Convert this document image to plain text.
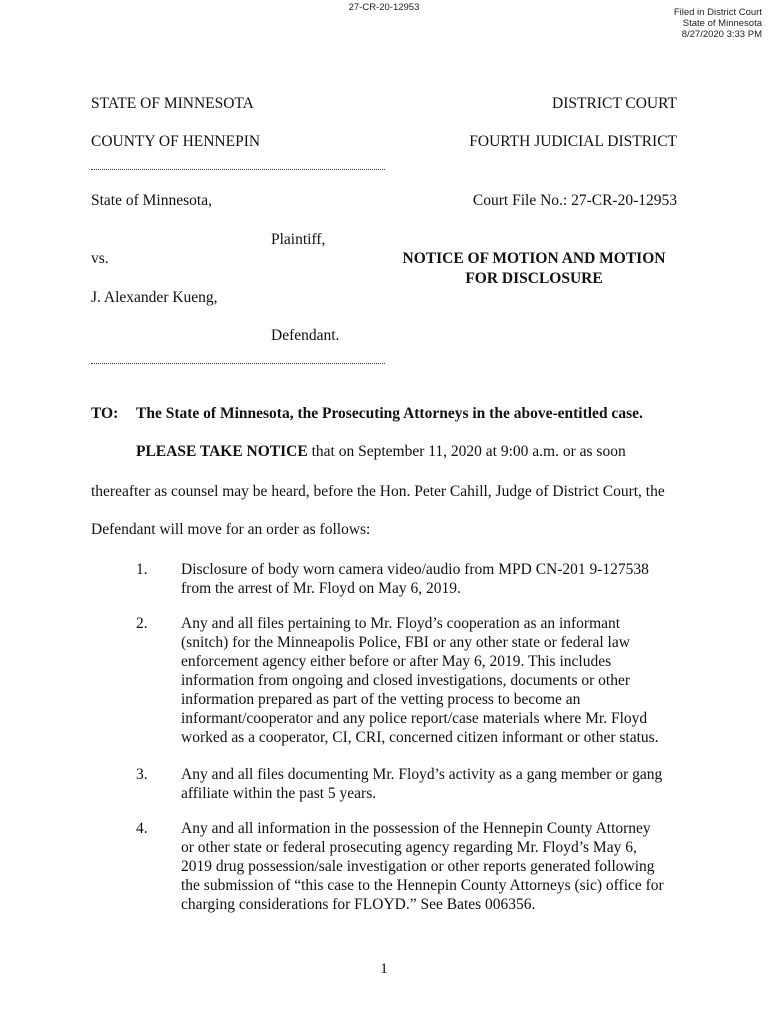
27-CR-20-12953	Filed in District Court
State of Minnesota
8/27/2020 3:33 PM
STATE OF MINNESOTA	DISTRICT COURT
COUNTY OF HENNEPIN	FOURTH JUDICIAL DISTRICT
State of Minnesota,	Court File No.: 27-CR-20-12953
Plaintiff,
vs.	NOTICE OF MOTION AND MOTION
FOR DISCLOSURE
J. Alexander Kueng,
Defendant.
TO: The State of Minnesota, the Prosecuting Attorneys in the above-entitled case.
PLEASE TAKE NOTICE that on September 11, 2020 at 9:00 a.m. or as soon
thereafter as counsel may be heard, before the Hon. Peter Cahill, Judge of District Court, the
Defendant will move for an order as follows:
1. Disclosure of body worn camera video/audio from MPD CN-201 9-127538
from the arrest of Mr. Floyd on May 6, 2019.
2. Any and all files pertaining to Mr. Floyd’s cooperation as an informant
(snitch) for the Minneapolis Police, FBI or any other state or federal law
enforcement agency either before or after May 6, 2019. This includes
information from ongoing and closed investigations, documents or other
information prepared as part of the vetting process to become an
informant/cooperator and any police report/case materials where Mr. Floyd
worked as a cooperator, CI, CRI, concerned citizen informant or other status.
3. Any and all files documenting Mr. Floyd’s activity as a gang member or gang
affiliate within the past 5 years.
4. Any and all information in the possession of the Hennepin County Attorney
or other state or federal prosecuting agency regarding Mr. Floyd’s May 6,
2019 drug possession/sale investigation or other reports generated following
the submission of “this case to the Hennepin County Attorneys (sic) office for
charging considerations for FLOYD.” See Bates 006356.
1
